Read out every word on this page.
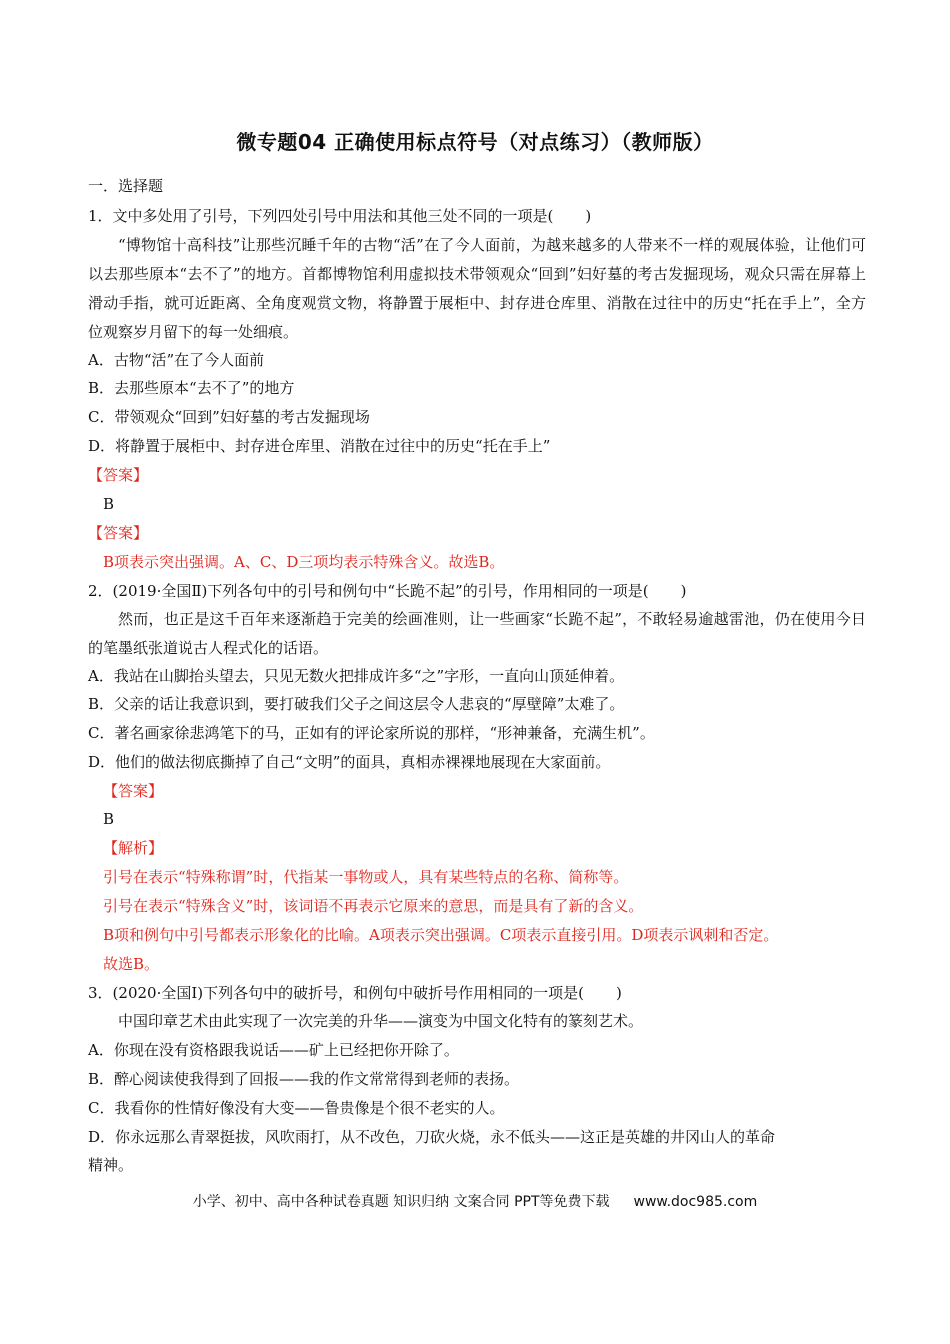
微专题04 正确使用标点符号（对点练习）（教师版）
一．选择题
1．文中多处用了引号，下列四处引号中用法和其他三处不同的一项是( )
“博物馆十高科技”让那些沉睡千年的古物“活”在了今人面前，为越来越多的人带来不一样的观展体验，让他们可以去那些原本“去不了”的地方。首都博物馆利用虚拟技术带领观众“回到”妇好墓的考古发掘现场，观众只需在屏幕上滑动手指，就可近距离、全角度观赏文物，将静置于展柜中、封存进仓库里、消散在过往中的历史“托在手上”，全方位观察岁月留下的每一处细痕。
A．古物“活”在了今人面前
B．去那些原本“去不了”的地方
C．带领观众“回到”妇好墓的考古发掘现场
D．将静置于展柜中、封存进仓库里、消散在过往中的历史“托在手上”
【答案】
B
【答案】
B项表示突出强调。A、C、D三项均表示特殊含义。故选B。
2．(2019·全国Ⅱ)下列各句中的引号和例句中“长跪不起”的引号，作用相同的一项是( )
然而，也正是这千百年来逐渐趋于完美的绘画准则，让一些画家“长跪不起”，不敢轻易逾越雷池，仍在使用今日的笔墨纸张道说古人程式化的话语。
A．我站在山脚抬头望去，只见无数火把排成许多“之”字形，一直向山顶延伸着。
B．父亲的话让我意识到，要打破我们父子之间这层令人悲哀的“厚壁障”太难了。
C．著名画家徐悲鸿笔下的马，正如有的评论家所说的那样，“形神兼备，充满生机”。
D．他们的做法彻底撕掉了自己“文明”的面具，真相赤裸裸地展现在大家面前。
【答案】
B
【解析】
引号在表示“特殊称谓”时，代指某一事物或人，具有某些特点的名称、简称等。
引号在表示“特殊含义”时，该词语不再表示它原来的意思，而是具有了新的含义。
B项和例句中引号都表示形象化的比喻。A项表示突出强调。C项表示直接引用。D项表示讽刺和否定。
故选B。
3．(2020·全国Ⅰ)下列各句中的破折号，和例句中破折号作用相同的一项是( )
中国印章艺术由此实现了一次完美的升华——演变为中国文化特有的篆刻艺术。
A．你现在没有资格跟我说话——矿上已经把你开除了。
B．醉心阅读使我得到了回报——我的作文常常得到老师的表扬。
C．我看你的性情好像没有大变——鲁贵像是个很不老实的人。
D．你永远那么青翠挺拔，风吹雨打，从不改色，刀砍火烧，永不低头——这正是英雄的井冈山人的革命
精神。
小学、初中、高中各种试卷真题 知识归纳 文案合同 PPT等免费下载 www.doc985.com
